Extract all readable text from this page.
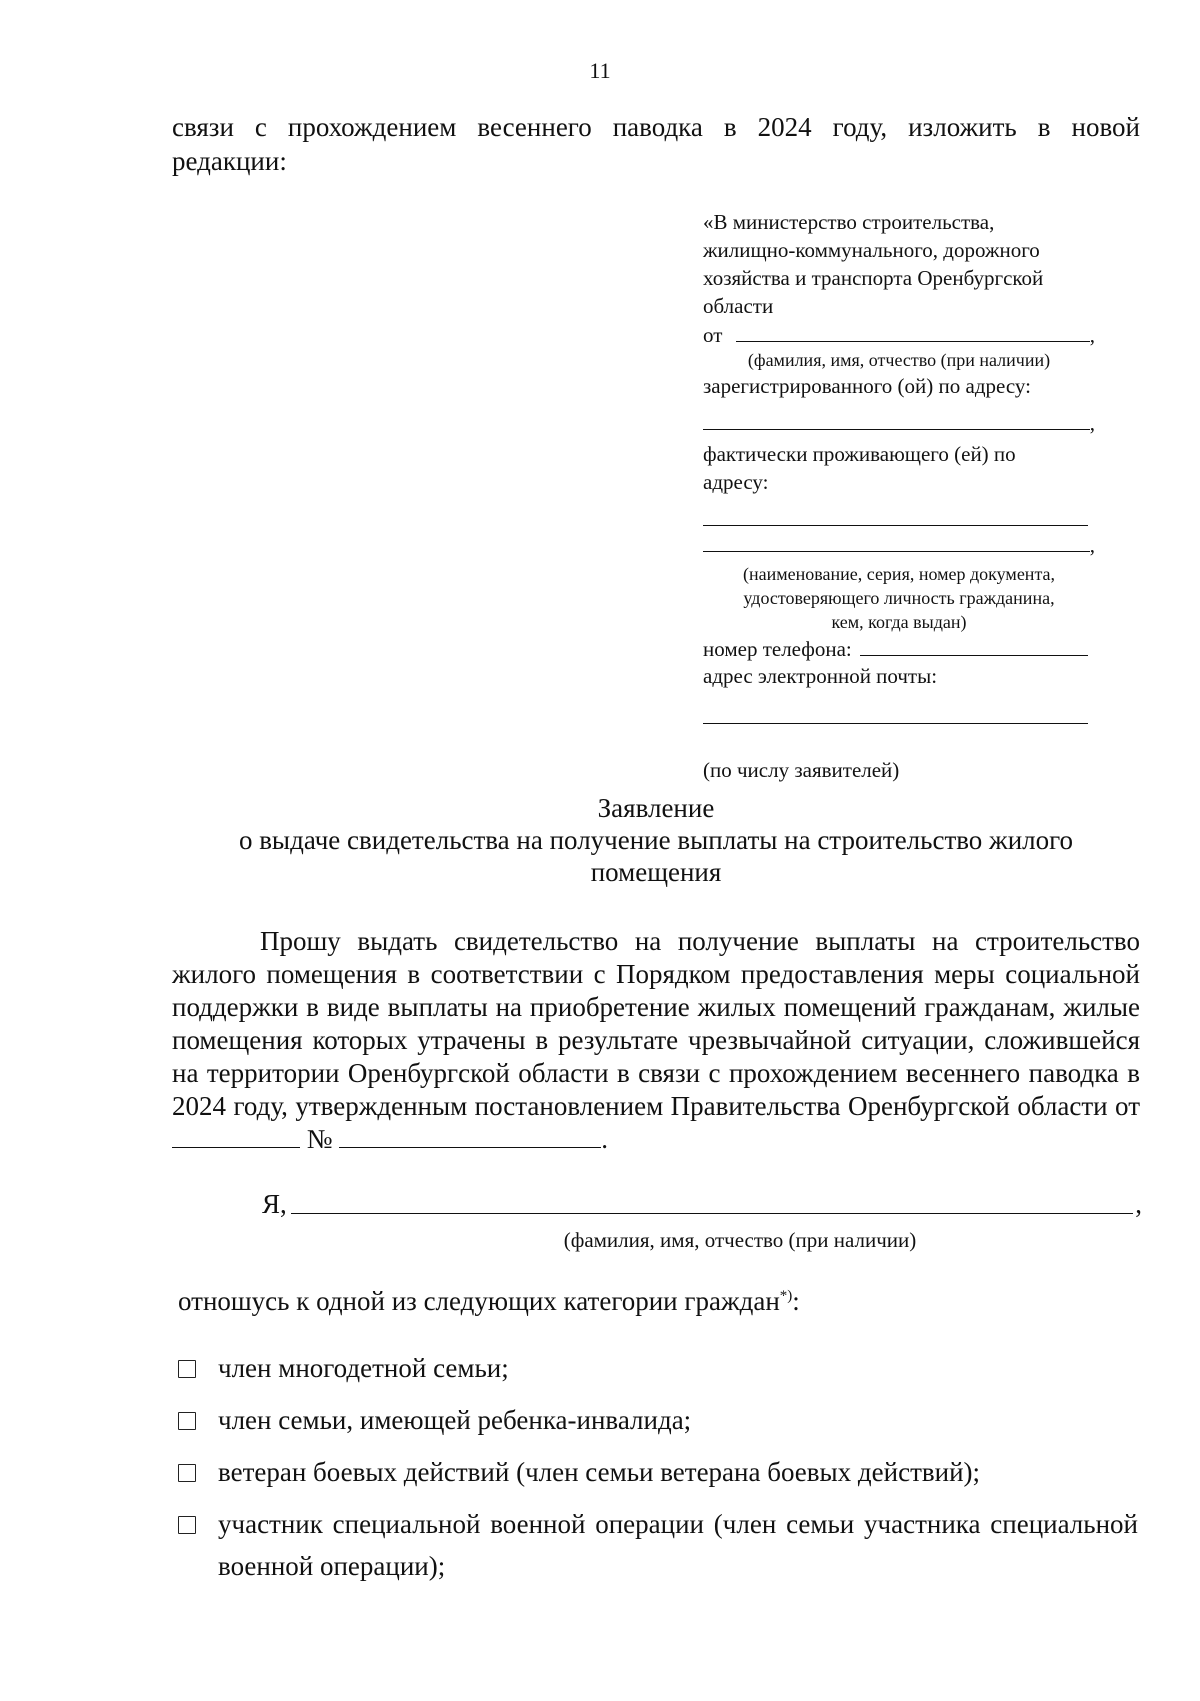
11
связи с прохождением весеннего паводка в 2024 году, изложить в новой
редакции:
«В министерство строительства,
жилищно-коммунального, дорожного
хозяйства и транспорта Оренбургской
области
от	,
(фамилия, имя, отчество (при наличии)
зарегистрированного (ой) по адресу:
,
фактически проживающего (ей) по
адресу:
,
(наименование, серия, номер документа,
удостоверяющего личность гражданина,
кем, когда выдан)
номер телефона:
адрес электронной почты:
(по числу заявителей)
Заявление
о выдаче свидетельства на получение выплаты на строительство жилого
помещения
Прошу выдать свидетельство на получение выплаты на строительство жилого помещения в соответствии с Порядком предоставления меры социальной поддержки в виде выплаты на приобретение жилых помещений гражданам, жилые помещения которых утрачены в результате чрезвычайной ситуации, сложившейся на территории Оренбургской области в связи с прохождением весеннего паводка в 2024 году, утвержденным постановлением Правительства Оренбургской области от  №	.
Я,	,
(фамилия, имя, отчество (при наличии)
отношусь к одной из следующих категории граждан*):
член многодетной семьи;
член семьи, имеющей ребенка-инвалида;
ветеран боевых действий (член семьи ветерана боевых действий);
участник специальной военной операции (член семьи участника специальной военной операции);
